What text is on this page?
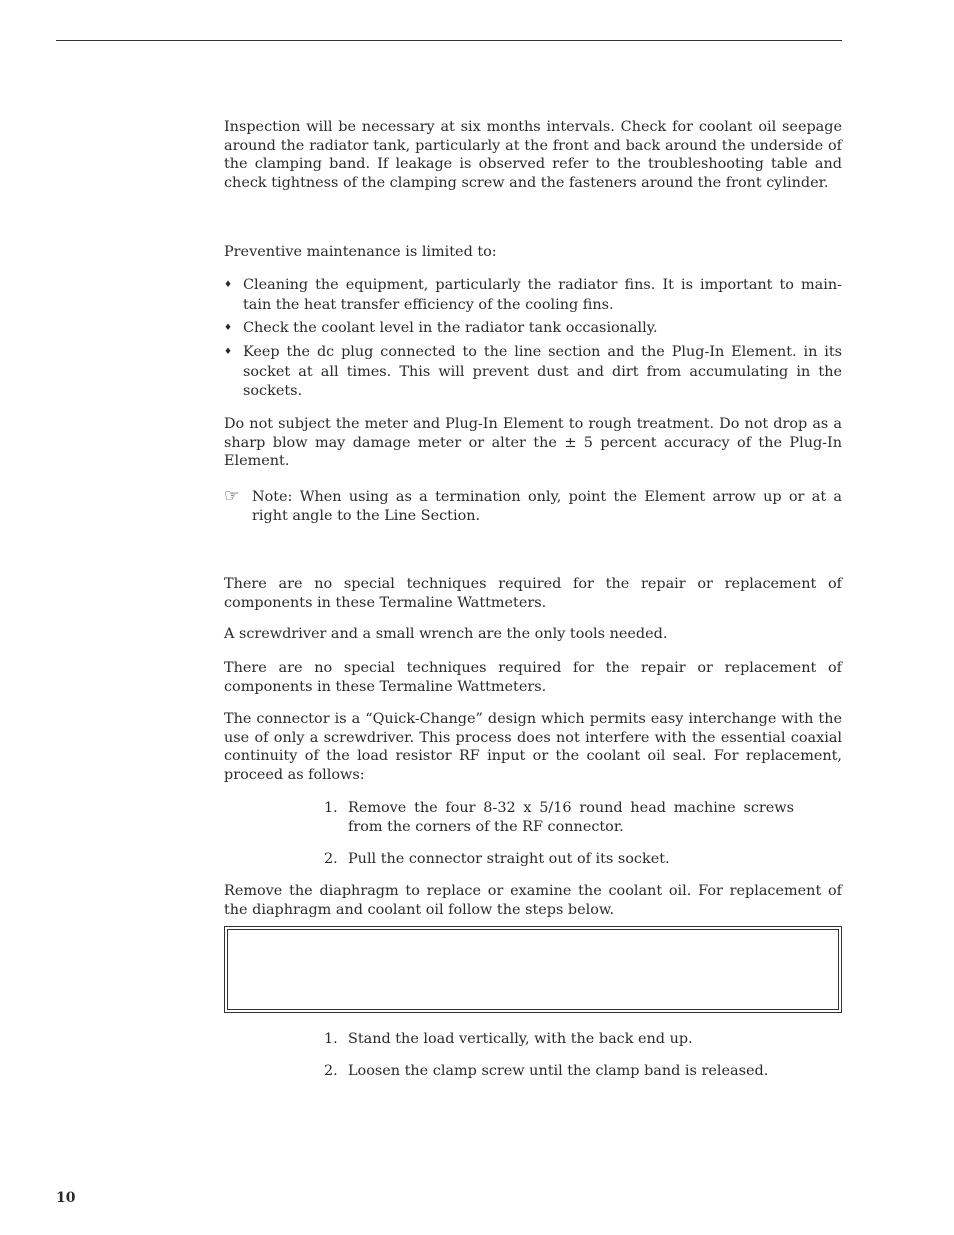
Inspection will be necessary at six months intervals. Check for coolant oil seepage around the radiator tank, particularly at the front and back around the underside of the clamping band. If leakage is observed refer to the troubleshooting table and check tightness of the clamping screw and the fasteners around the front cylinder.

Preventive maintenance is limited to:

♦ Cleaning the equipment, particularly the radiator fins. It is important to main-tain the heat transfer efficiency of the cooling fins.
♦ Check the coolant level in the radiator tank occasionally.
♦ Keep the dc plug connected to the line section and the Plug-In Element. in its socket at all times. This will prevent dust and dirt from accumulating in the sockets.

Do not subject the meter and Plug-In Element to rough treatment. Do not drop as a sharp blow may damage meter or alter the ± 5 percent accuracy of the Plug-In Element.

☞ Note: When using as a termination only, point the Element arrow up or at a right angle to the Line Section.

There are no special techniques required for the repair or replacement of components in these Termaline Wattmeters.

A screwdriver and a small wrench are the only tools needed.

There are no special techniques required for the repair or replacement of components in these Termaline Wattmeters.

The connector is a “Quick-Change” design which permits easy interchange with the use of only a screwdriver. This process does not interfere with the essential coaxial continuity of the load resistor RF input or the coolant oil seal. For replacement, proceed as follows:

1. Remove the four 8-32 x 5/16 round head machine screws from the corners of the RF connector.
2. Pull the connector straight out of its socket.

Remove the diaphragm to replace or examine the coolant oil. For replacement of the diaphragm and coolant oil follow the steps below.

1. Stand the load vertically, with the back end up.
2. Loosen the clamp screw until the clamp band is released.
10
